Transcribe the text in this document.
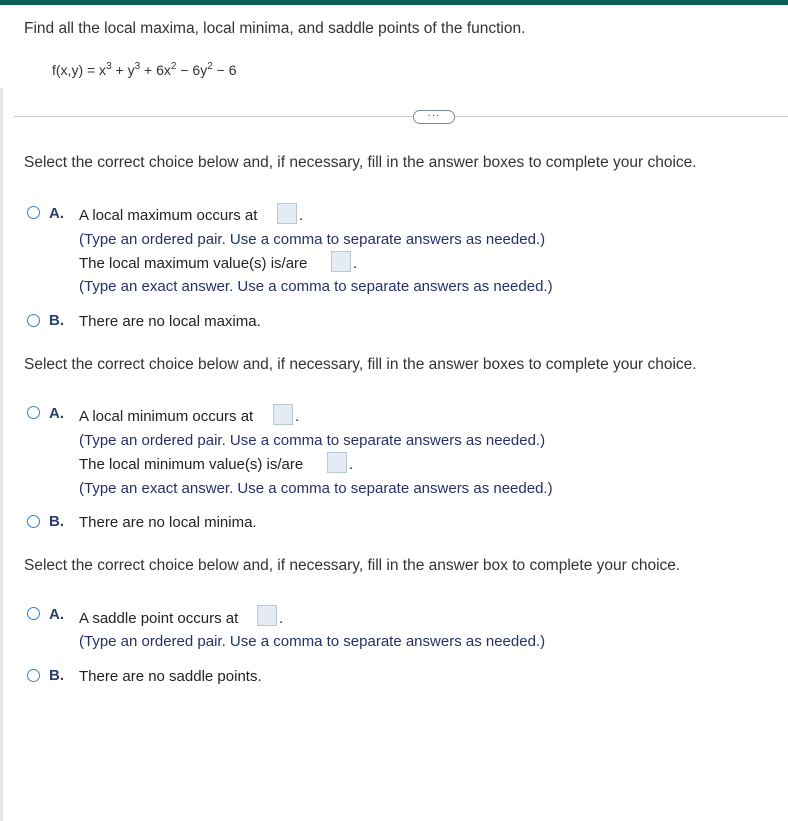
Find all the local maxima, local minima, and saddle points of the function.
$f(x,y) = x^3 + y^3 + 6x^2 - 6y^2 - 6$
···
Select the correct choice below and, if necessary, fill in the answer boxes to complete your choice.
A. A local maximum occurs at	.
(Type an ordered pair. Use a comma to separate answers as needed.)
The local maximum value(s) is/are	.
(Type an exact answer. Use a comma to separate answers as needed.)
B. There are no local maxima.
Select the correct choice below and, if necessary, fill in the answer boxes to complete your choice.
A. A local minimum occurs at	.
(Type an ordered pair. Use a comma to separate answers as needed.)
The local minimum value(s) is/are	.
(Type an exact answer. Use a comma to separate answers as needed.)
B. There are no local minima.
Select the correct choice below and, if necessary, fill in the answer box to complete your choice.
A. A saddle point occurs at	.
(Type an ordered pair. Use a comma to separate answers as needed.)
B. There are no saddle points.
